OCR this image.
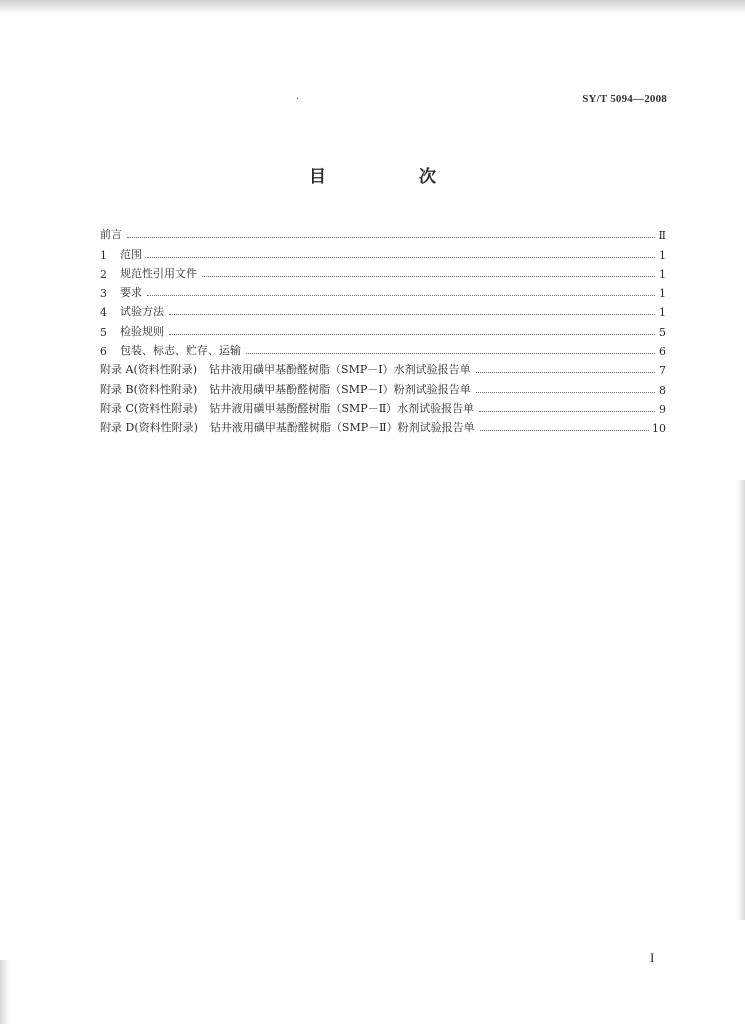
·	SY/T 5094—2008
目　次
前言	Ⅱ
1	范围	1
2	规范性引用文件	1
3	要求	1
4	试验方法	1
5	检验规则	5
6	包装、标志、贮存、运输	6
附录 A(资料性附录) 钻井液用磺甲基酚醛树脂（SMP－Ⅰ）水剂试验报告单	7
附录 B(资料性附录) 钻井液用磺甲基酚醛树脂（SMP－Ⅰ）粉剂试验报告单	8
附录 C(资料性附录) 钻井液用磺甲基酚醛树脂（SMP－Ⅱ）水剂试验报告单	9
附录 D(资料性附录) 钻井液用磺甲基酚醛树脂（SMP－Ⅱ）粉剂试验报告单	10
I
